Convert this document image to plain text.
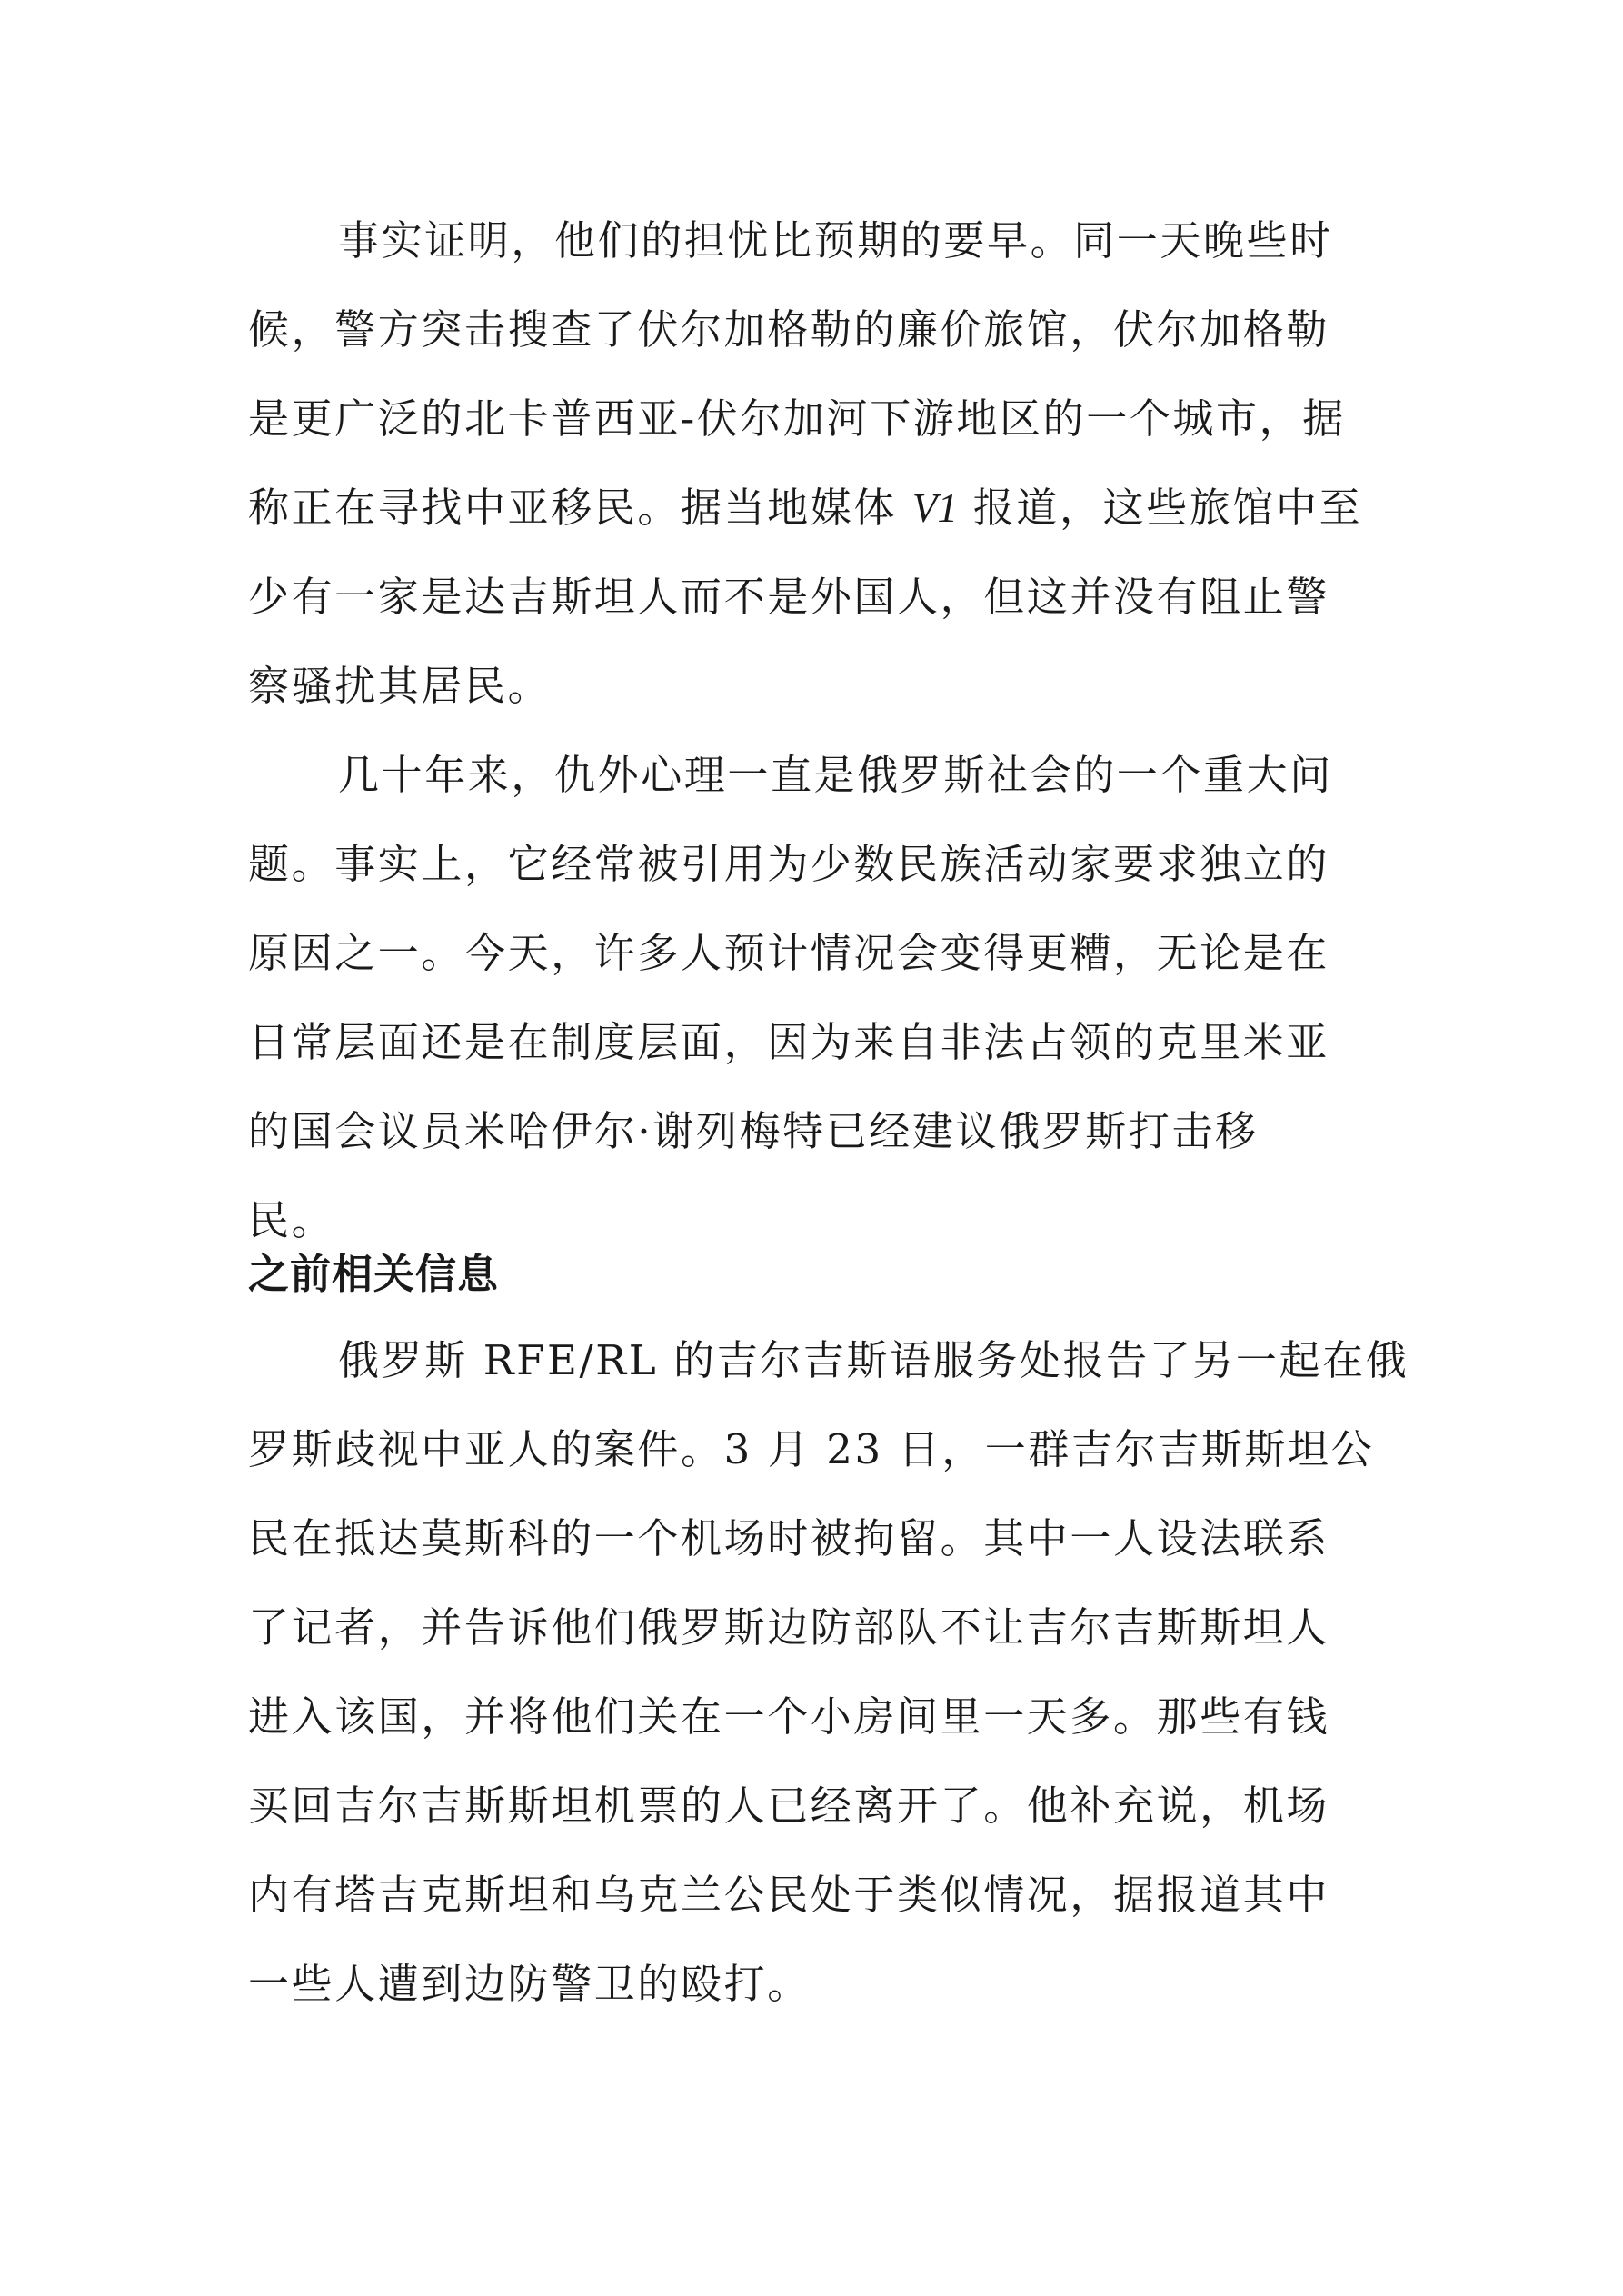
事实证明，他们的担忧比预期的要早。同一天晚些时
候，警方突击搜查了伏尔加格勒的廉价旅馆，伏尔加格勒
是更广泛的北卡普西亚-伏尔加河下游地区的一个城市，据
称正在寻找中亚移民。据当地媒体 V1 报道，这些旅馆中至
少有一家是达吉斯坦人而不是外国人，但这并没有阻止警
察骚扰其居民。
几十年来，仇外心理一直是俄罗斯社会的一个重大问
题。事实上，它经常被引用为少数民族活动家要求独立的
原因之一。今天，许多人预计情况会变得更糟，无论是在
日常层面还是在制度层面，因为来自非法占领的克里米亚
的国会议员米哈伊尔·谢列梅特已经建议俄罗斯打击移
民。
之前相关信息
俄罗斯 RFE/RL 的吉尔吉斯语服务处报告了另一起在俄
罗斯歧视中亚人的案件。3 月 23 日，一群吉尔吉斯斯坦公
民在抵达莫斯科的一个机场时被拘留。其中一人设法联系
了记者，并告诉他们俄罗斯边防部队不让吉尔吉斯斯坦人
进入该国，并将他们关在一个小房间里一天多。那些有钱
买回吉尔吉斯斯坦机票的人已经离开了。他补充说，机场
内有塔吉克斯坦和乌克兰公民处于类似情况，据报道其中
一些人遭到边防警卫的殴打。
